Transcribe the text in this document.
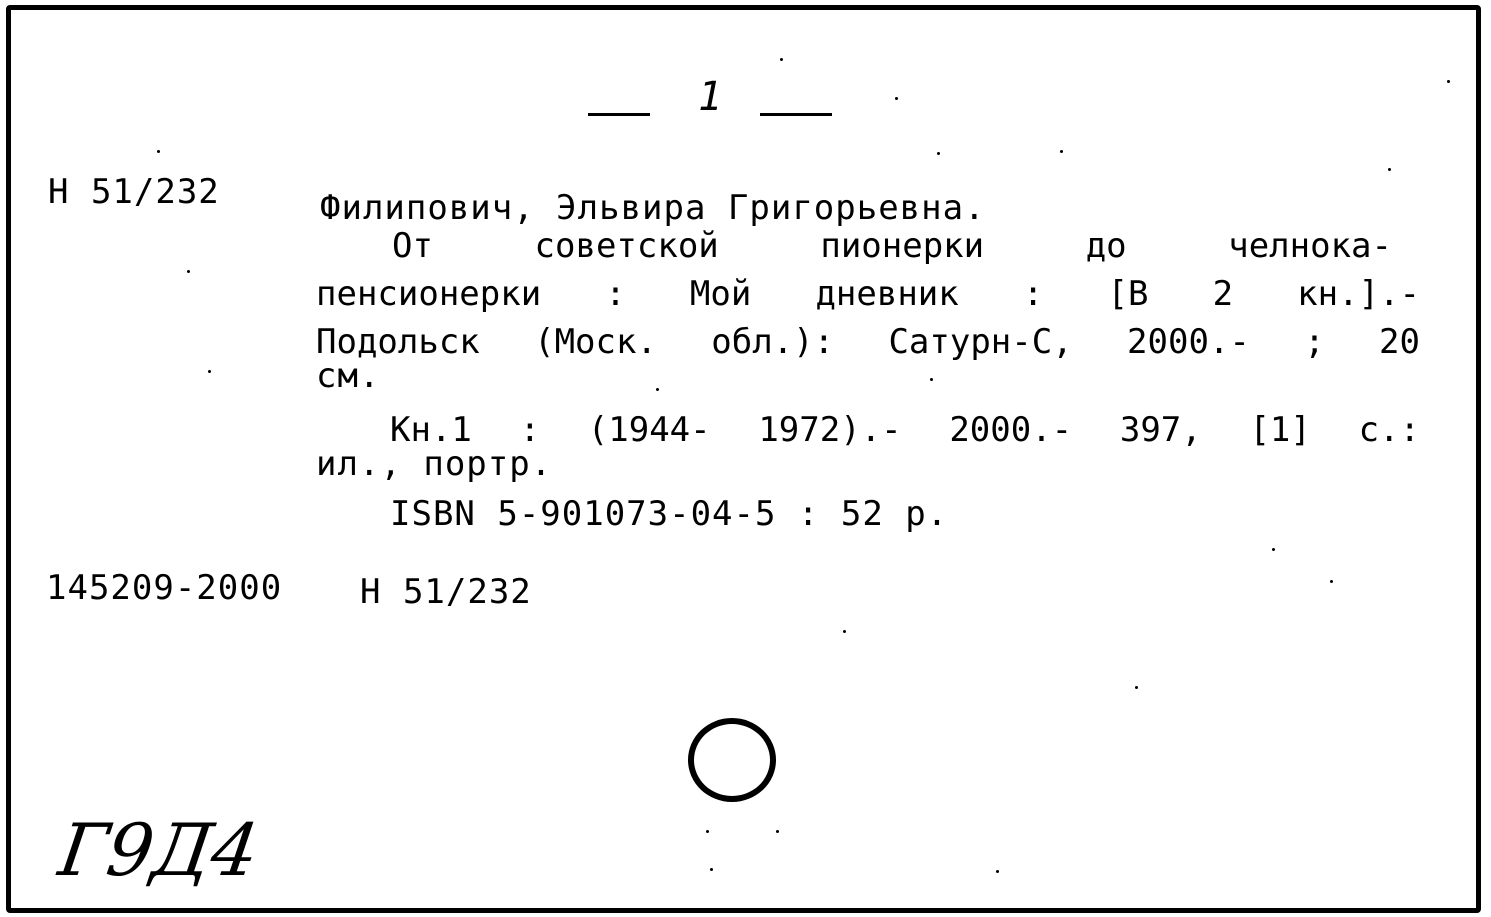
1
Н 51/232	Филипович, Эльвира Григорьевна.
От	советской	пионерки	до	челнока-
пенсионерки : Мой дневник : [В 2 кн.].-
Подольск (Моск. обл.): Сатурн-С, 2000.- ; 20
см.
Кн.1 : (1944- 1972).- 2000.- 397, [1] с.:
ил., портр.
ISBN 5-901073-04-5 : 52 р.
145209-2000 Н 51/232
Г9Д4
